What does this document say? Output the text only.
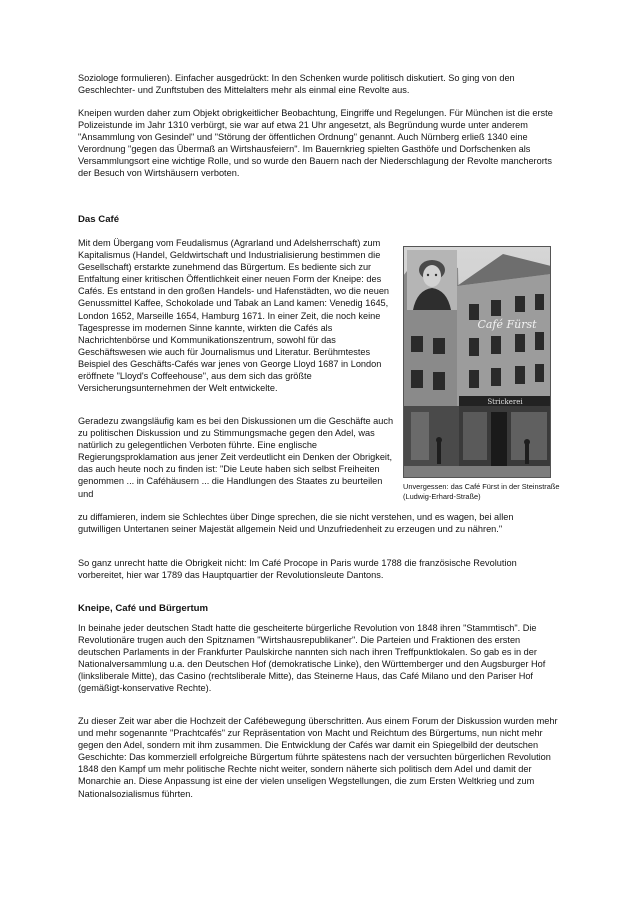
Soziologe formulieren). Einfacher ausgedrückt: In den Schenken wurde politisch diskutiert. So ging von den Geschlechter- und Zunftstuben des Mittelalters mehr als einmal eine Revolte aus.

Kneipen wurden daher zum Objekt obrigkeitlicher Beobachtung, Eingriffe und Regelungen. Für München ist die erste Polizeistunde im Jahr 1310 verbürgt, sie war auf etwa 21 Uhr angesetzt, als Begründung wurde unter anderem "Ansammlung von Gesindel" und "Störung der öffentlichen Ordnung" genannt. Auch Nürnberg erließ 1340 eine Verordnung "gegen das Übermaß an Wirtshausfeiern". Im Bauernkrieg spielten Gasthöfe und Dorfschenken als Versammlungsort eine wichtige Rolle, und so wurde den Bauern nach der Niederschlagung der Revolte mancherorts der Besuch von Wirtshäusern verboten.

Das Café

Mit dem Übergang vom Feudalismus (Agrarland und Adelsherrschaft) zum Kapitalismus (Handel, Geldwirtschaft und Industrialisierung bestimmen die Gesellschaft) erstarkte zunehmend das Bürgertum. Es bediente sich zur Entfaltung einer kritischen Öffentlichkeit einer neuen Form der Kneipe: des Cafés. Es entstand in den großen Handels- und Hafenstädten, wo die neuen Genussmittel Kaffee, Schokolade und Tabak an Land kamen: Venedig 1645, London 1652, Marseille 1654, Hamburg 1671. In einer Zeit, die noch keine Tagespresse im modernen Sinne kannte, wirkten die Cafés als Nachrichtenbörse und Kommunikationszentrum, sowohl für das Geschäftswesen wie auch für Journalismus und Literatur. Berühmtestes Beispiel des Geschäfts-Cafés war jenes von George Lloyd 1687 in London eröffnete "Lloyd's Coffeehouse", aus dem sich das größte Versicherungsunternehmen der Welt entwickelte.

Geradezu zwangsläufig kam es bei den Diskussionen um die Geschäfte auch zu politischen Diskussion und zu Stimmungsmache gegen den Adel, was natürlich zu gelegentlichen Verboten führte. Eine englische Regierungsproklamation aus jener Zeit verdeutlicht ein Denken der Obrigkeit, das auch heute noch zu finden ist: "Die Leute haben sich selbst Freiheiten genommen ... in Caféhäusern ... die Handlungen des Staates zu beurteilen und

zu diffamieren, indem sie Schlechtes über Dinge sprechen, die sie nicht verstehen, und es wagen, bei allen gutwilligen Untertanen seiner Majestät allgemein Neid und Unzufriedenheit zu erzeugen und zu nähren."

So ganz unrecht hatte die Obrigkeit nicht: Im Café Procope in Paris wurde 1788 die französische Revolution vorbereitet, hier war 1789 das Hauptquartier der Revolutionsleute Dantons.

Kneipe, Café und Bürgertum

In beinahe jeder deutschen Stadt hatte die gescheiterte bürgerliche Revolution von 1848 ihren "Stammtisch". Die Revolutionäre trugen auch den Spitznamen "Wirtshausrepublikaner". Die Parteien und Fraktionen des ersten deutschen Parlaments in der Frankfurter Paulskirche nannten sich nach ihren Treffpunktlokalen. So gab es in der Nationalversammlung u.a. den Deutschen Hof (demokratische Linke), den Württemberger und den Augsburger Hof (linksliberale Mitte), das Casino (rechtsliberale Mitte), das Steinerne Haus, das Café Milano und den Pariser Hof (gemäßigt-konservative Rechte).

Zu dieser Zeit war aber die Hochzeit der Cafébewegung überschritten. Aus einem Forum der Diskussion wurden mehr und mehr sogenannte "Prachtcafés" zur Repräsentation von Macht und Reichtum des Bürgertums, nun nicht mehr gegen den Adel, sondern mit ihm zusammen. Die Entwicklung der Cafés war damit ein Spiegelbild der deutschen Geschichte: Das kommerziell erfolgreiche Bürgertum führte spätestens nach der versuchten bürgerlichen Revolution 1848 den Kampf um mehr politische Rechte nicht weiter, sondern näherte sich politisch dem Adel und damit der Monarchie an. Diese Anpassung ist eine der vielen unseligen Wegstellungen, die zum Ersten Weltkrieg und zum Nationalsozialismus führten.

Strickerei
Café Fürst

Unvergessen: das Café Fürst in der Steinstraße (Ludwig-Erhard-Straße)
